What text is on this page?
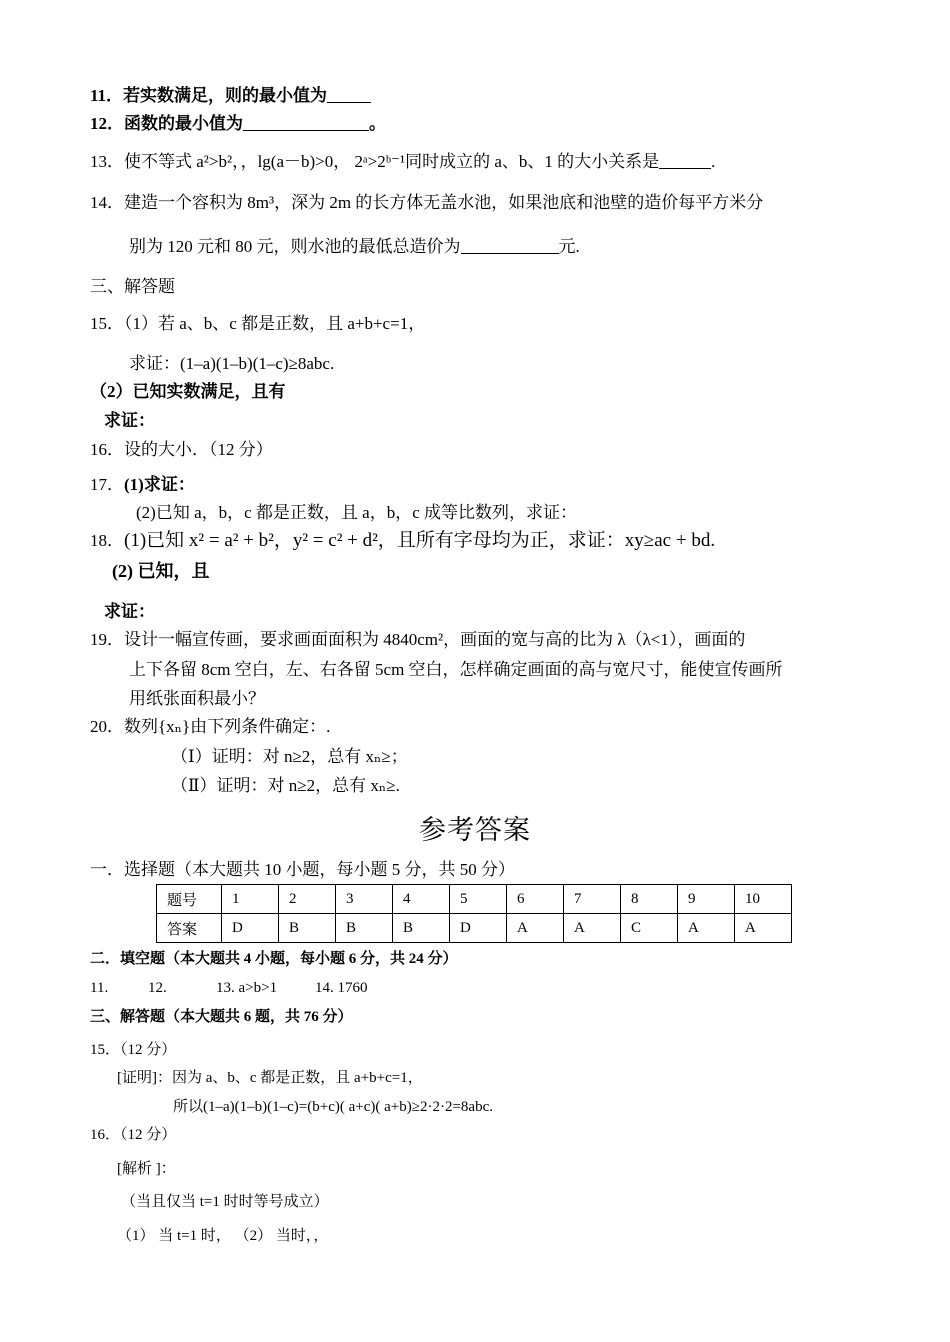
11．若实数满足，则的最小值为
12．函数的最小值为	。
13．使不等式 a²>b²，，lg(a－b)>0， 2ᵃ>2ᵇ⁻¹同时成立的 a、b、1 的大小关系是	.
14．建造一个容积为 8m³，深为 2m 的长方体无盖水池，如果池底和池壁的造价每平方米分
别为 120 元和 80 元，则水池的最低总造价为	元.
三、解答题
15．（1）若 a、b、c 都是正数，且 a+b+c=1，
求证：(1–a)(1–b)(1–c)≥8abc.
（2）已知实数满足，且有
求证：
16．设的大小．（12 分）
17．(1)求证：
(2)已知 a，b，c 都是正数，且 a，b，c 成等比数列，求证：
18．(1)已知 x² = a² + b²，y² = c² + d²，且所有字母均为正，求证：xy≥ac + bd.
(2) 已知，且
求证：
19．设计一幅宣传画，要求画面面积为 4840cm²，画面的宽与高的比为 λ（λ<1），画面的
上下各留 8cm 空白，左、右各留 5cm 空白，怎样确定画面的高与宽尺寸，能使宣传画所
用纸张面积最小？
20．数列{xₙ}由下列条件确定：.
（Ⅰ）证明：对 n≥2，总有 xₙ≥；
（Ⅱ）证明：对 n≥2，总有 xₙ≥.
参考答案
一．选择题（本大题共 10 小题，每小题 5 分，共 50 分）
题号	1	2	3	4	5	6	7	8	9	10
答案	D	B	B	B	D	A	A	C	A	A
二．填空题（本大题共 4 小题，每小题 6 分，共 24 分）
11.	12.	13. a>b>1	14. 1760
三、解答题（本大题共 6 题，共 76 分）
15．（12 分）
[证明]：因为 a、b、c 都是正数，且 a+b+c=1，
所以(1–a)(1–b)(1–c)=(b+c)( a+c)( a+b)≥2·2·2=8abc.
16．（12 分）
[解析 ]：
（当且仅当 t=1 时时等号成立）
（1） 当 t=1 时， （2） 当时，，
